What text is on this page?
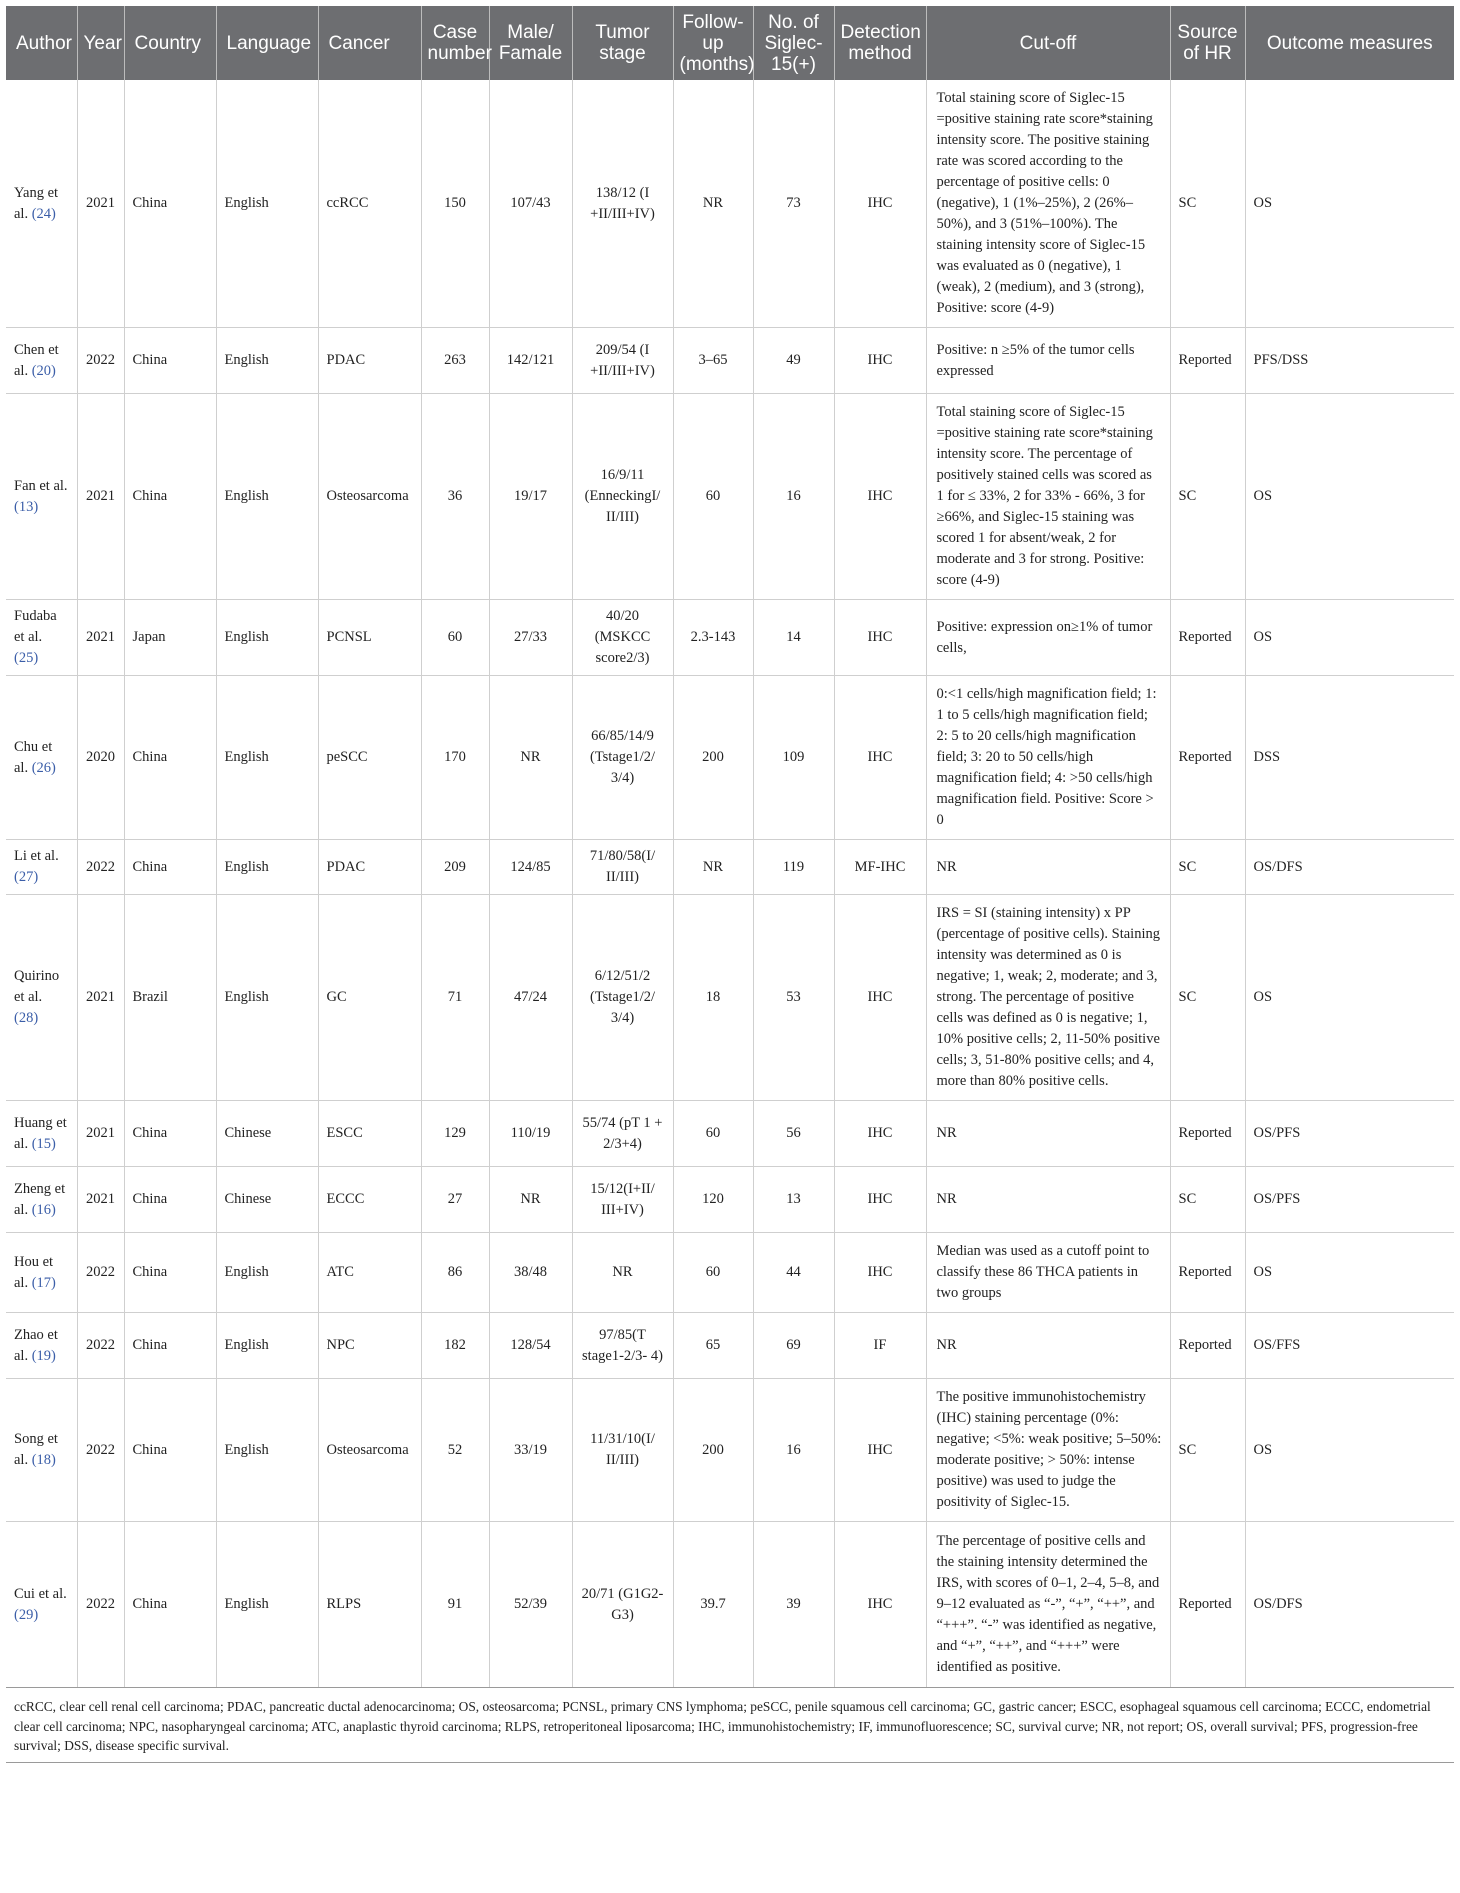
Author	Year	Country	Language	Cancer	Case number	Male/ Famale	Tumor stage	Follow-up (months)	No. of Siglec-15(+)	Detection method	Cut-off	Source of HR	Outcome measures
Yang et al. (24)	2021	China	English	ccRCC	150	107/43	138/12 (I +II/III+IV)	NR	73	IHC	Total staining score of Siglec-15 =positive staining rate score*staining intensity score. The positive staining rate was scored according to the percentage of positive cells: 0 (negative), 1 (1%–25%), 2 (26%–50%), and 3 (51%–100%). The staining intensity score of Siglec-15 was evaluated as 0 (negative), 1 (weak), 2 (medium), and 3 (strong), Positive: score (4-9)	SC	OS
Chen et al. (20)	2022	China	English	PDAC	263	142/121	209/54 (I +II/III+IV)	3–65	49	IHC	Positive: n ≥5% of the tumor cells expressed	Reported	PFS/DSS
Fan et al. (13)	2021	China	English	Osteosarcoma	36	19/17	16/9/11 (EnneckingI/ II/III)	60	16	IHC	Total staining score of Siglec-15 =positive staining rate score*staining intensity score. The percentage of positively stained cells was scored as 1 for ≤ 33%, 2 for 33% - 66%, 3 for ≥66%, and Siglec-15 staining was scored 1 for absent/weak, 2 for moderate and 3 for strong. Positive: score (4-9)	SC	OS
Fudaba et al. (25)	2021	Japan	English	PCNSL	60	27/33	40/20 (MSKCC score2/3)	2.3-143	14	IHC	Positive: expression on≥1% of tumor cells,	Reported	OS
Chu et al. (26)	2020	China	English	peSCC	170	NR	66/85/14/9 (Tstage1/2/ 3/4)	200	109	IHC	0:<1 cells/high magnification field; 1: 1 to 5 cells/high magnification field; 2: 5 to 20 cells/high magnification field; 3: 20 to 50 cells/high magnification field; 4: >50 cells/high magnification field. Positive: Score > 0	Reported	DSS
Li et al. (27)	2022	China	English	PDAC	209	124/85	71/80/58(I/ II/III)	NR	119	MF-IHC	NR	SC	OS/DFS
Quirino et al. (28)	2021	Brazil	English	GC	71	47/24	6/12/51/2 (Tstage1/2/ 3/4)	18	53	IHC	IRS = SI (staining intensity) x PP (percentage of positive cells). Staining intensity was determined as 0 is negative; 1, weak; 2, moderate; and 3, strong. The percentage of positive cells was defined as 0 is negative; 1, 10% positive cells; 2, 11-50% positive cells; 3, 51-80% positive cells; and 4, more than 80% positive cells.	SC	OS
Huang et al. (15)	2021	China	Chinese	ESCC	129	110/19	55/74 (pT 1 + 2/3+4)	60	56	IHC	NR	Reported	OS/PFS
Zheng et al. (16)	2021	China	Chinese	ECCC	27	NR	15/12(I+II/ III+IV)	120	13	IHC	NR	SC	OS/PFS
Hou et al. (17)	2022	China	English	ATC	86	38/48	NR	60	44	IHC	Median was used as a cutoff point to classify these 86 THCA patients in two groups	Reported	OS
Zhao et al. (19)	2022	China	English	NPC	182	128/54	97/85(T stage1-2/3- 4)	65	69	IF	NR	Reported	OS/FFS
Song et al. (18)	2022	China	English	Osteosarcoma	52	33/19	11/31/10(I/ II/III)	200	16	IHC	The positive immunohistochemistry (IHC) staining percentage (0%: negative; <5%: weak positive; 5–50%: moderate positive; > 50%: intense positive) was used to judge the positivity of Siglec-15.	SC	OS
Cui et al. (29)	2022	China	English	RLPS	91	52/39	20/71 (G1G2-G3)	39.7	39	IHC	The percentage of positive cells and the staining intensity determined the IRS, with scores of 0–1, 2–4, 5–8, and 9–12 evaluated as “-”, “+”, “++”, and “+++”. “-” was identified as negative, and “+”, “++”, and “+++” were identified as positive.	Reported	OS/DFS
ccRCC, clear cell renal cell carcinoma; PDAC, pancreatic ductal adenocarcinoma; OS, osteosarcoma; PCNSL, primary CNS lymphoma; peSCC, penile squamous cell carcinoma; GC, gastric cancer; ESCC, esophageal squamous cell carcinoma; ECCC, endometrial clear cell carcinoma; NPC, nasopharyngeal carcinoma; ATC, anaplastic thyroid carcinoma; RLPS, retroperitoneal liposarcoma; IHC, immunohistochemistry; IF, immunofluorescence; SC, survival curve; NR, not report; OS, overall survival; PFS, progression-free survival; DSS, disease specific survival.
